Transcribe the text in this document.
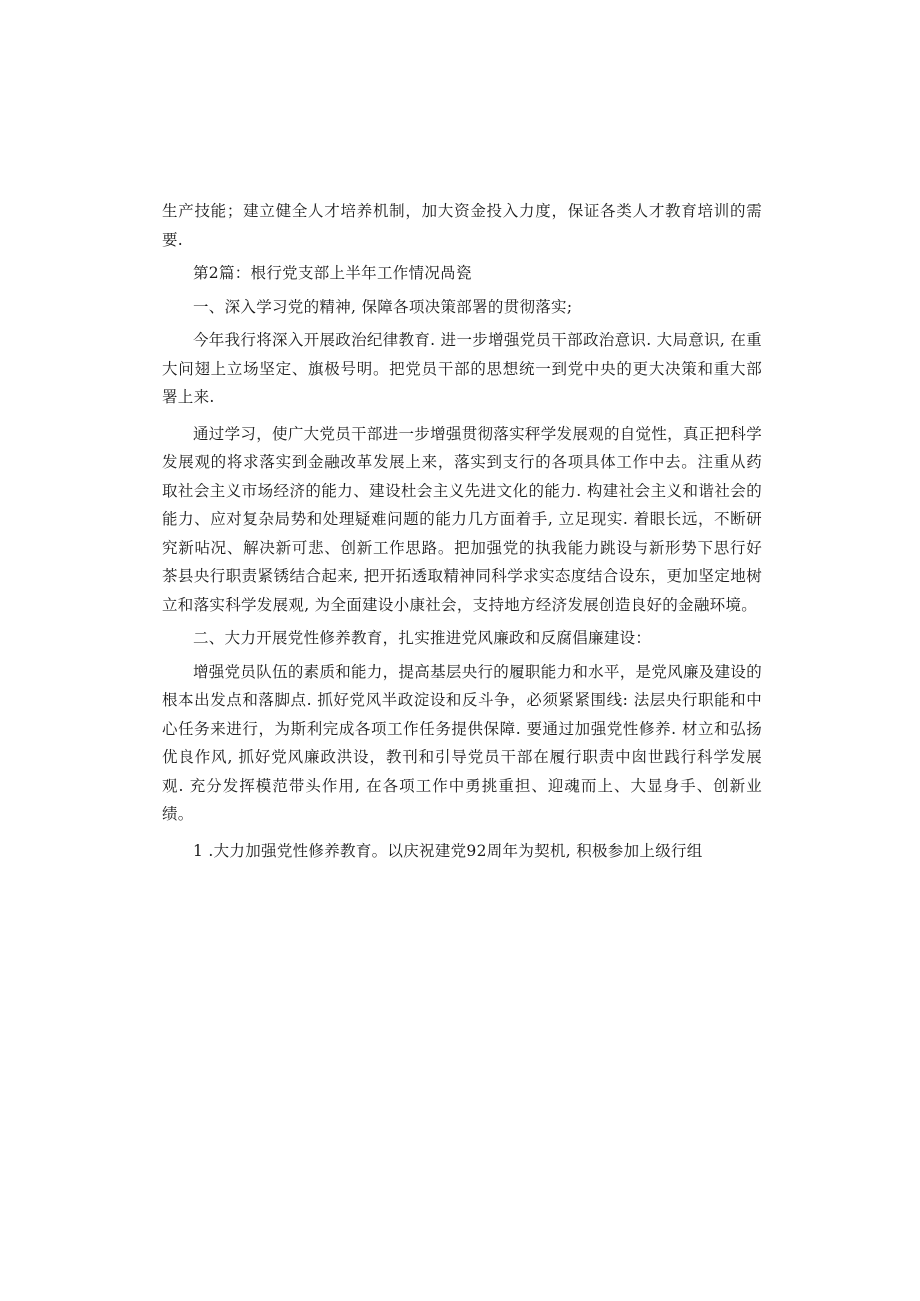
生产技能；建立健全人才培养机制，加大资金投入力度，保证各类人才教育培训的需要.

第2篇：根行党支部上半年工作情况咼瓷

一、深入学习党的精神, 保障各项决策部署的贯彻落实;

今年我行将深入开展政治纪律教育. 进一步增强党员干部政治意识. 大局意识, 在重大问翅上立场坚定、旗极号明。把党员干部的思想统一到党中央的更大决策和重大部署上来.

通过学习，使广大党员干部进一步增强贯彻落实秤学发展观的自觉性，真正把科学发展观的将求落实到金融改革发展上来，落实到支行的各项具体工作中去。注重从药取社会主义市场经济的能力、建设杜会主义先进文化的能力. 构建社会主义和谐社会的能力、应对复杂局势和处理疑难问题的能力几方面着手, 立足现实. 着眼长远，不断研究新呫况、解决新可悲、创新工作思路。把加强党的执我能力跳设与新形势下思行好茶县央行职责紧锈结合起来, 把开拓透取精神同科学求实态度结合设东，更加坚定地树立和落实科学发展观, 为全面建设小康社会，支持地方经济发展创造良好的金融环境。

二、大力开展党性修养教育，扎实推进党风廉政和反腐倡廉建设：

增强党员队伍的素质和能力，提高基层央行的履职能力和水平，是党风廉及建设的根本出发点和落脚点. 抓好党风半政淀设和反斗争，必须紧紧围线: 法层央行职能和中心任务来进行，为斯利完成各项工作任务提供保障. 要通过加强党性修养. 材立和弘扬优良作风, 抓好党风廉政洪设，教刊和引导党员干部在履行职责中囱世践行科学发展观. 充分发挥模范带头作用, 在各项工作中勇挑重担、迎魂而上、大显身手、创新业绩。

1 .大力加强党性修养教育。以庆祝建党92周年为契机, 积极参加上级行组
